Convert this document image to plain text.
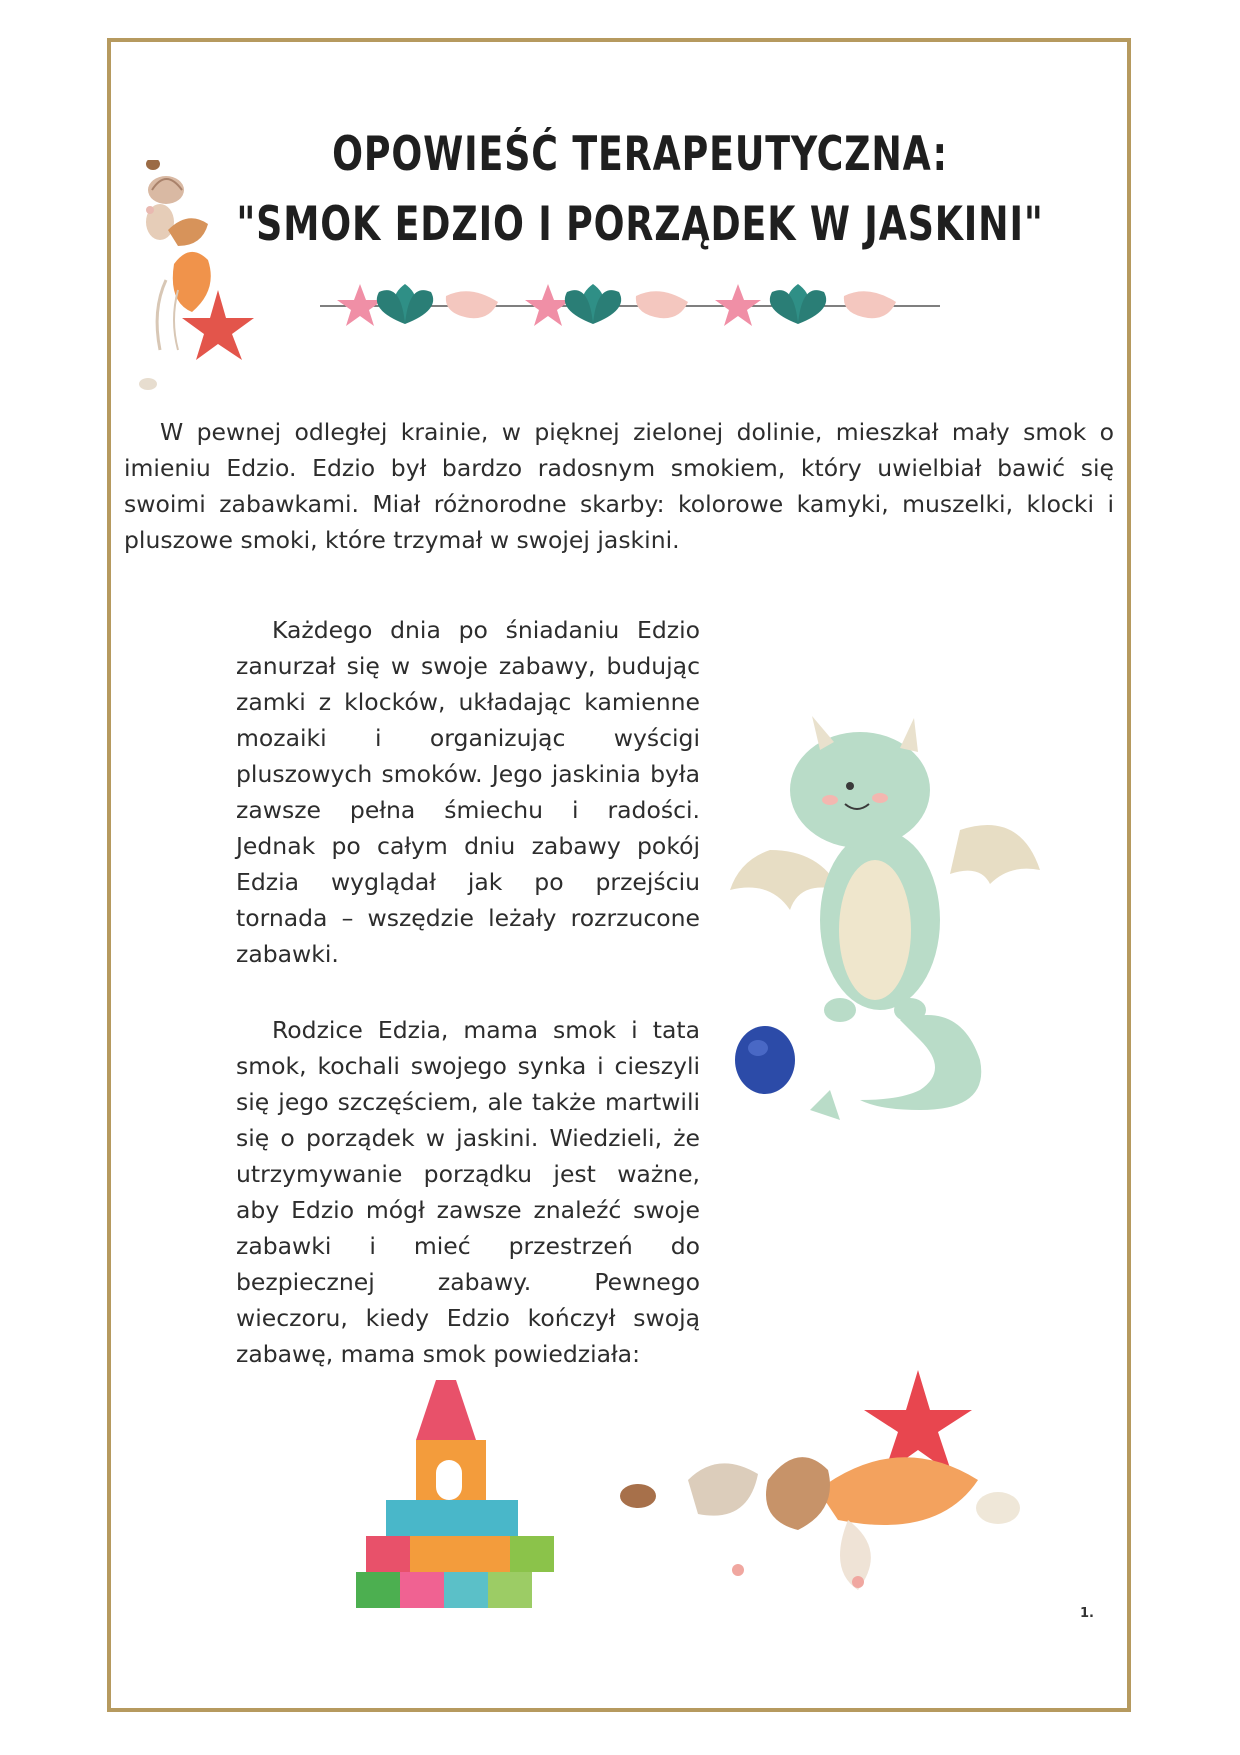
OPOWIEŚĆ TERAPEUTYCZNA:
"SMOK EDZIO I PORZĄDEK W JASKINI"
W pewnej odległej krainie, w pięknej zielonej dolinie, mieszkał mały smok o imieniu Edzio. Edzio był bardzo radosnym smokiem, który uwielbiał bawić się swoimi zabawkami. Miał różnorodne skarby: kolorowe kamyki, muszelki, klocki i pluszowe smoki, które trzymał w swojej jaskini.
Każdego dnia po śniadaniu Edzio zanurzał się w swoje zabawy, budując zamki z klocków, układając kamienne mozaiki i organizując wyścigi pluszowych smoków. Jego jaskinia była zawsze pełna śmiechu i radości. Jednak po całym dniu zabawy pokój Edzia wyglądał jak po przejściu tornada – wszędzie leżały rozrzucone zabawki.
Rodzice Edzia, mama smok i tata smok, kochali swojego synka i cieszyli się jego szczęściem, ale także martwili się o porządek w jaskini. Wiedzieli, że utrzymywanie porządku jest ważne, aby Edzio mógł zawsze znaleźć swoje zabawki i mieć przestrzeń do bezpiecznej zabawy. Pewnego wieczoru, kiedy Edzio kończył swoją zabawę, mama smok powiedziała:
1.
